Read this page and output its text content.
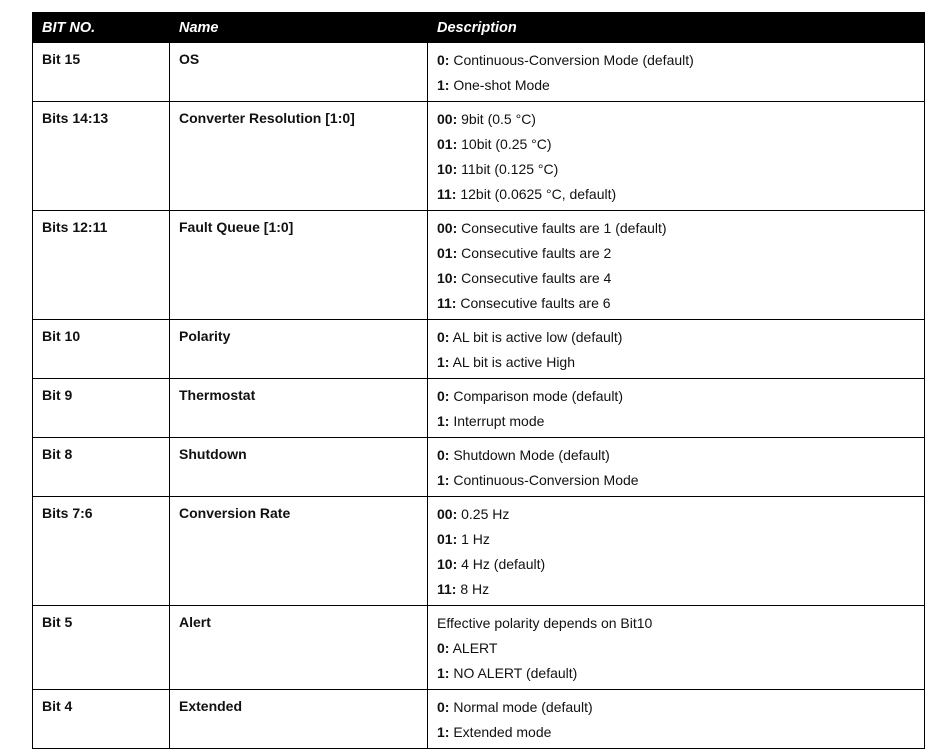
BIT NO.	Name	Description
Bit 15	OS	0: Continuous-Conversion Mode (default)
1: One-shot Mode

Bits 14:13	Converter Resolution [1:0]	00: 9bit (0.5 °C)
01: 10bit (0.25 °C)
10: 11bit (0.125 °C)
11: 12bit (0.0625 °C, default)

Bits 12:11	Fault Queue [1:0]	00: Consecutive faults are 1 (default)
01: Consecutive faults are 2
10: Consecutive faults are 4
11: Consecutive faults are 6

Bit 10	Polarity	0: AL bit is active low (default)
1: AL bit is active High

Bit 9	Thermostat	0: Comparison mode (default)
1: Interrupt mode

Bit 8	Shutdown	0: Shutdown Mode (default)
1: Continuous-Conversion Mode

Bits 7:6	Conversion Rate	00: 0.25 Hz
01: 1 Hz
10: 4 Hz (default)
11: 8 Hz

Bit 5	Alert	Effective polarity depends on Bit10
0: ALERT
1: NO ALERT (default)

Bit 4	Extended	0: Normal mode (default)
1: Extended mode
